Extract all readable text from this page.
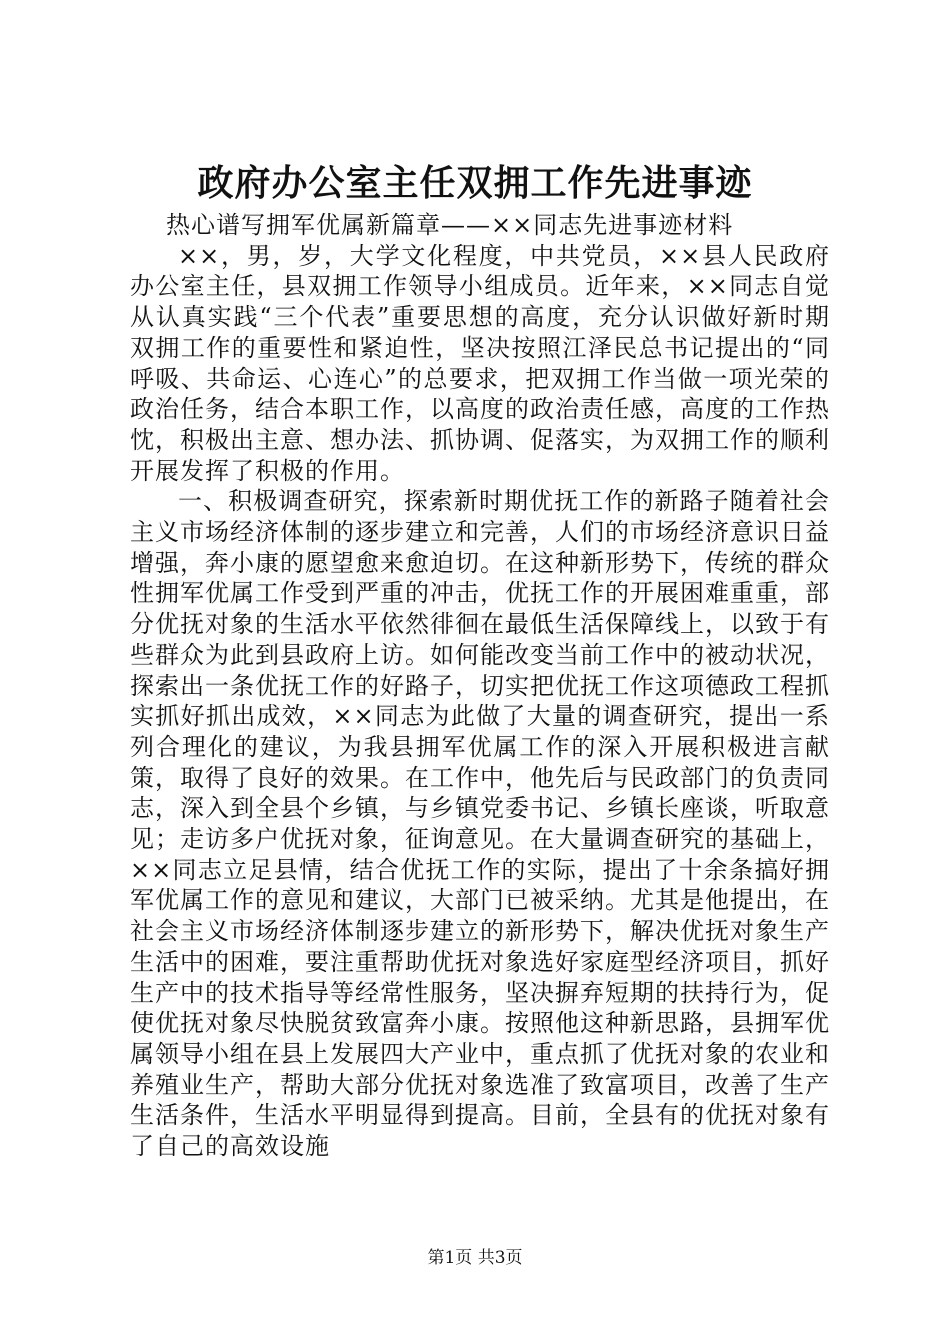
政府办公室主任双拥工作先进事迹

热心谱写拥军优属新篇章——××同志先进事迹材料

××，男，岁，大学文化程度，中共党员，××县人民政府办公室主任，县双拥工作领导小组成员。近年来，××同志自觉从认真实践“三个代表”重要思想的高度，充分认识做好新时期双拥工作的重要性和紧迫性，坚决按照江泽民总书记提出的“同呼吸、共命运、心连心”的总要求，把双拥工作当做一项光荣的政治任务，结合本职工作，以高度的政治责任感，高度的工作热忱，积极出主意、想办法、抓协调、促落实，为双拥工作的顺利开展发挥了积极的作用。

一、积极调查研究，探索新时期优抚工作的新路子随着社会主义市场经济体制的逐步建立和完善，人们的市场经济意识日益增强，奔小康的愿望愈来愈迫切。在这种新形势下，传统的群众性拥军优属工作受到严重的冲击，优抚工作的开展困难重重，部分优抚对象的生活水平依然徘徊在最低生活保障线上，以致于有些群众为此到县政府上访。如何能改变当前工作中的被动状况，探索出一条优抚工作的好路子，切实把优抚工作这项德政工程抓实抓好抓出成效，××同志为此做了大量的调查研究，提出一系列合理化的建议，为我县拥军优属工作的深入开展积极进言献策，取得了良好的效果。在工作中，他先后与民政部门的负责同志，深入到全县个乡镇，与乡镇党委书记、乡镇长座谈，听取意见；走访多户优抚对象，征询意见。在大量调查研究的基础上，××同志立足县情，结合优抚工作的实际，提出了十余条搞好拥军优属工作的意见和建议，大部门已被采纳。尤其是他提出，在社会主义市场经济体制逐步建立的新形势下，解决优抚对象生产生活中的困难，要注重帮助优抚对象选好家庭型经济项目，抓好生产中的技术指导等经常性服务，坚决摒弃短期的扶持行为，促使优抚对象尽快脱贫致富奔小康。按照他这种新思路，县拥军优属领导小组在县上发展四大产业中，重点抓了优抚对象的农业和养殖业生产，帮助大部分优抚对象选准了致富项目，改善了生产生活条件，生活水平明显得到提高。目前，全县有的优抚对象有了自己的高效设施

第1页 共3页
